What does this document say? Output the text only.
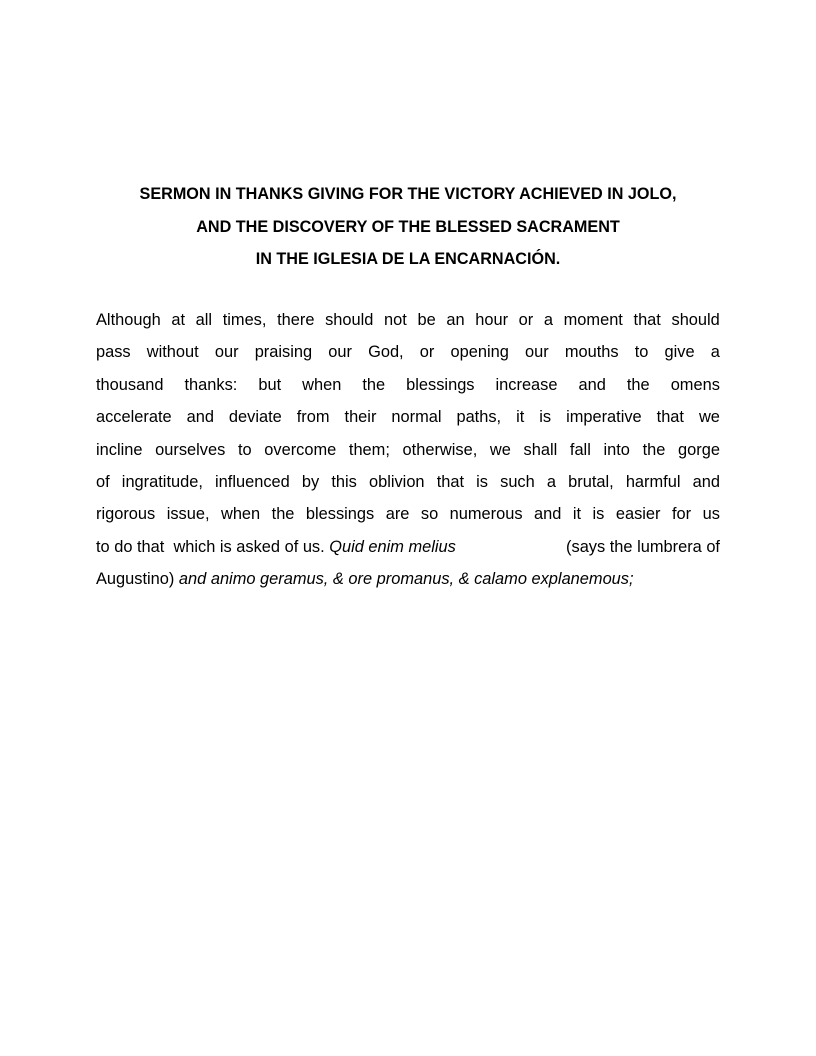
SERMON IN THANKS GIVING FOR THE VICTORY ACHIEVED IN JOLO,
AND THE DISCOVERY OF THE BLESSED SACRAMENT
IN THE IGLESIA DE LA ENCARNACIÓN.
Although at all times, there should not be an hour or a moment that should
pass without our praising our God, or opening our mouths to give a
thousand thanks: but when the blessings increase and the omens
accelerate and deviate from their normal paths, it is imperative that we
incline ourselves to overcome them; otherwise, we shall fall into the gorge
of ingratitude, influenced by this oblivion that is such a brutal, harmful and
rigorous issue, when the blessings are so numerous and it is easier for us
to do that  which is asked of us. Quid enim melius	(says the lumbrera of
Augustino) and animo geramus, & ore promanus, & calamo explanemous;
